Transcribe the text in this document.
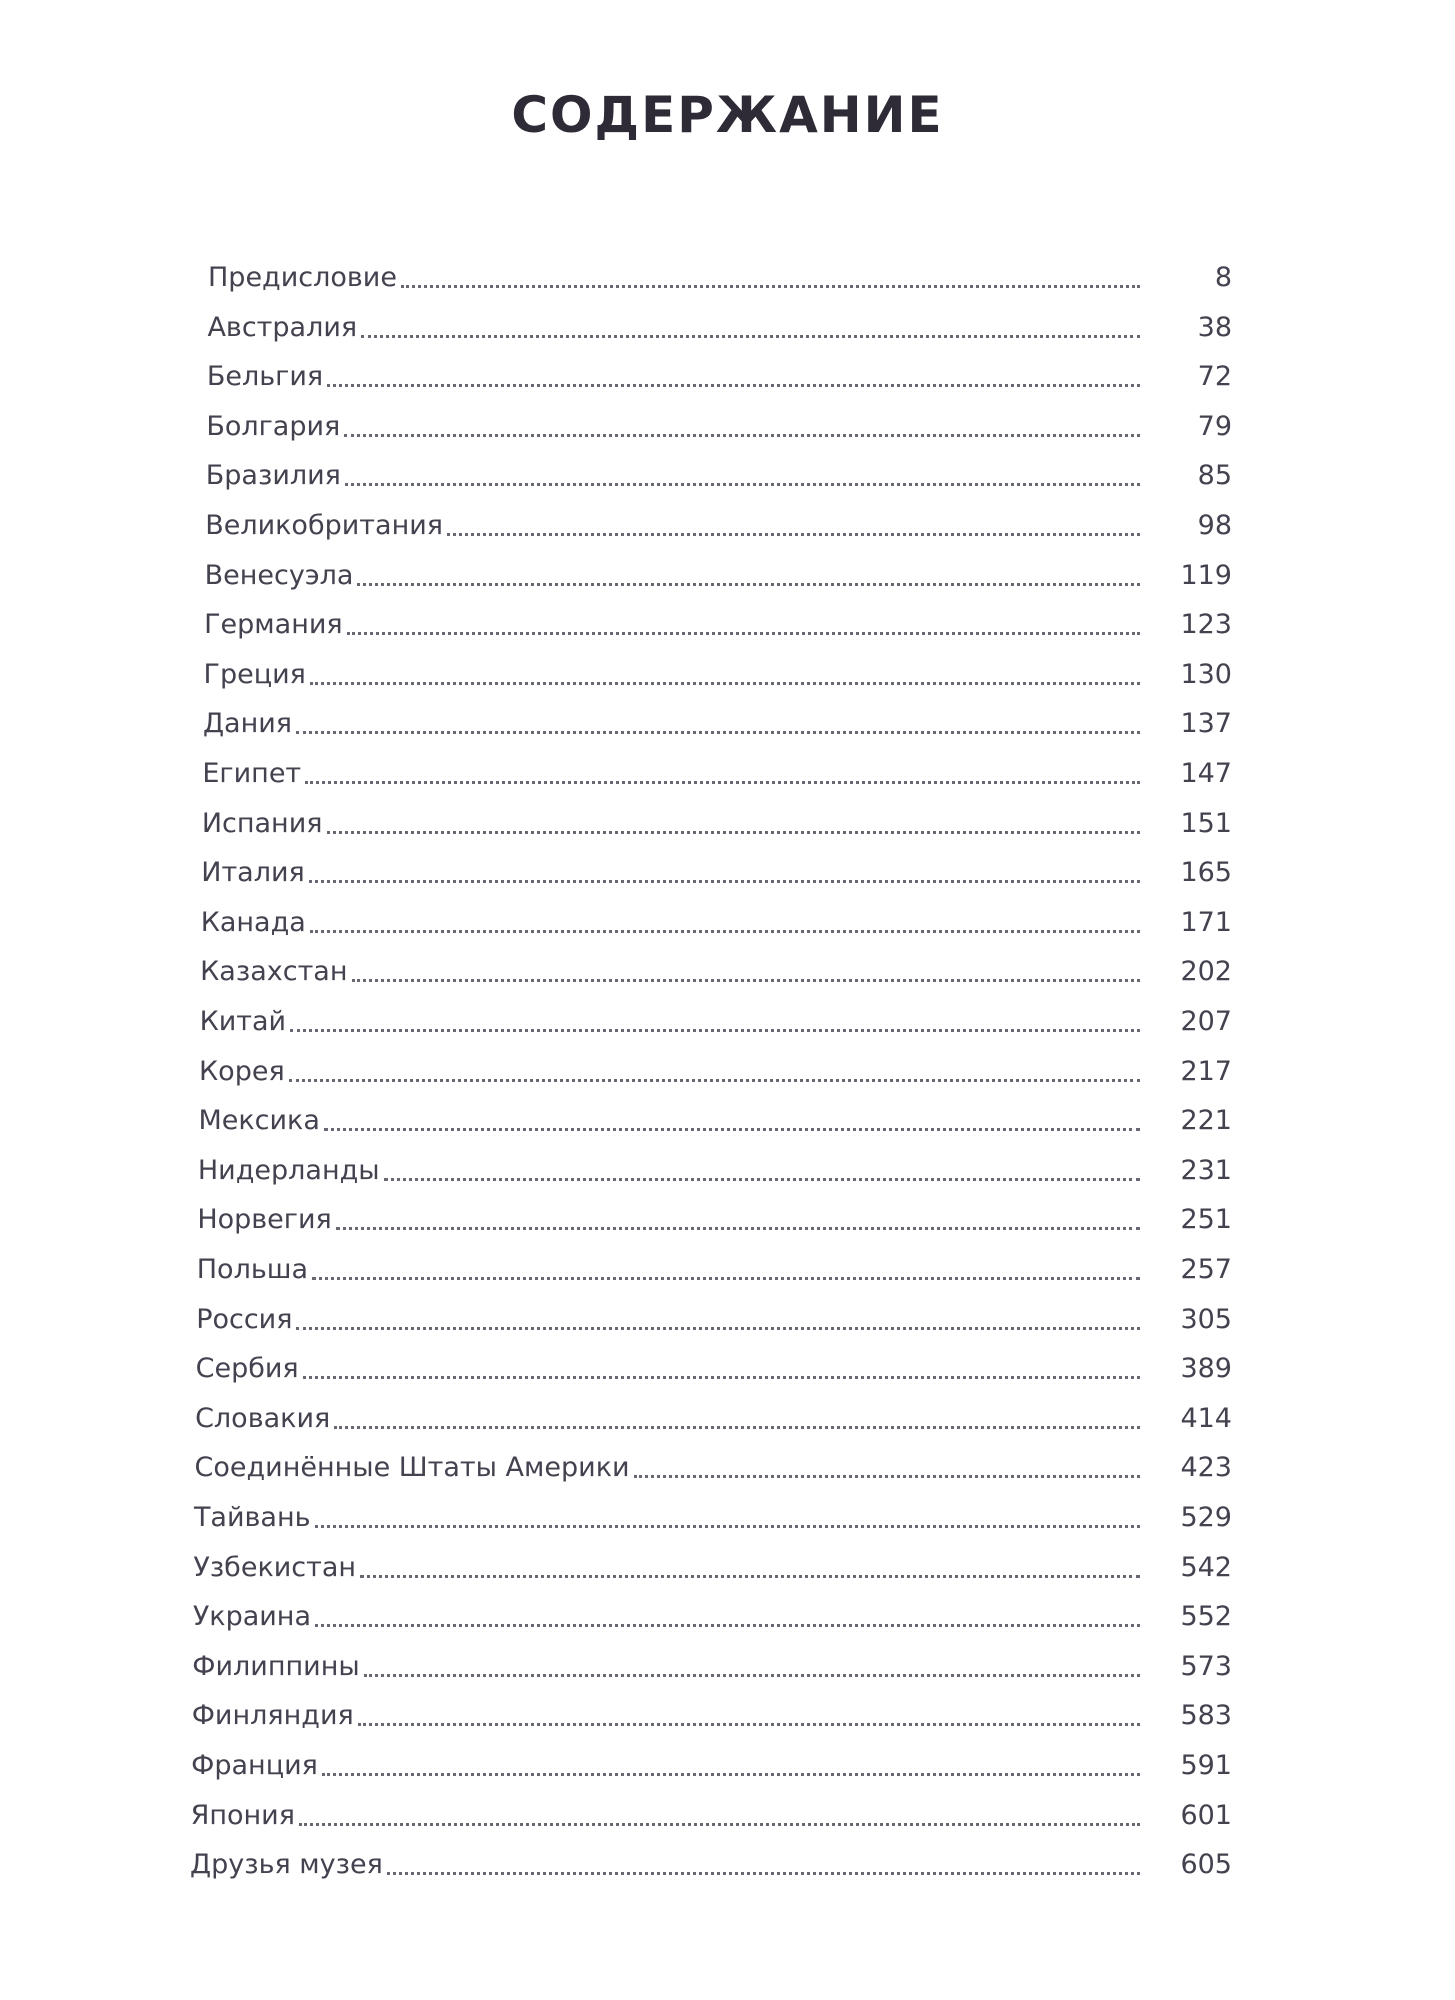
СОДЕРЖАНИЕ
Предисловие	8
Австралия	38
Бельгия	72
Болгария	79
Бразилия	85
Великобритания	98
Венесуэла	119
Германия	123
Греция	130
Дания	137
Египет	147
Испания	151
Италия	165
Канада	171
Казахстан	202
Китай	207
Корея	217
Мексика	221
Нидерланды	231
Норвегия	251
Польша	257
Россия	305
Сербия	389
Словакия	414
Соединённые Штаты Америки	423
Тайвань	529
Узбекистан	542
Украина	552
Филиппины	573
Финляндия	583
Франция	591
Япония	601
Друзья музея	605
